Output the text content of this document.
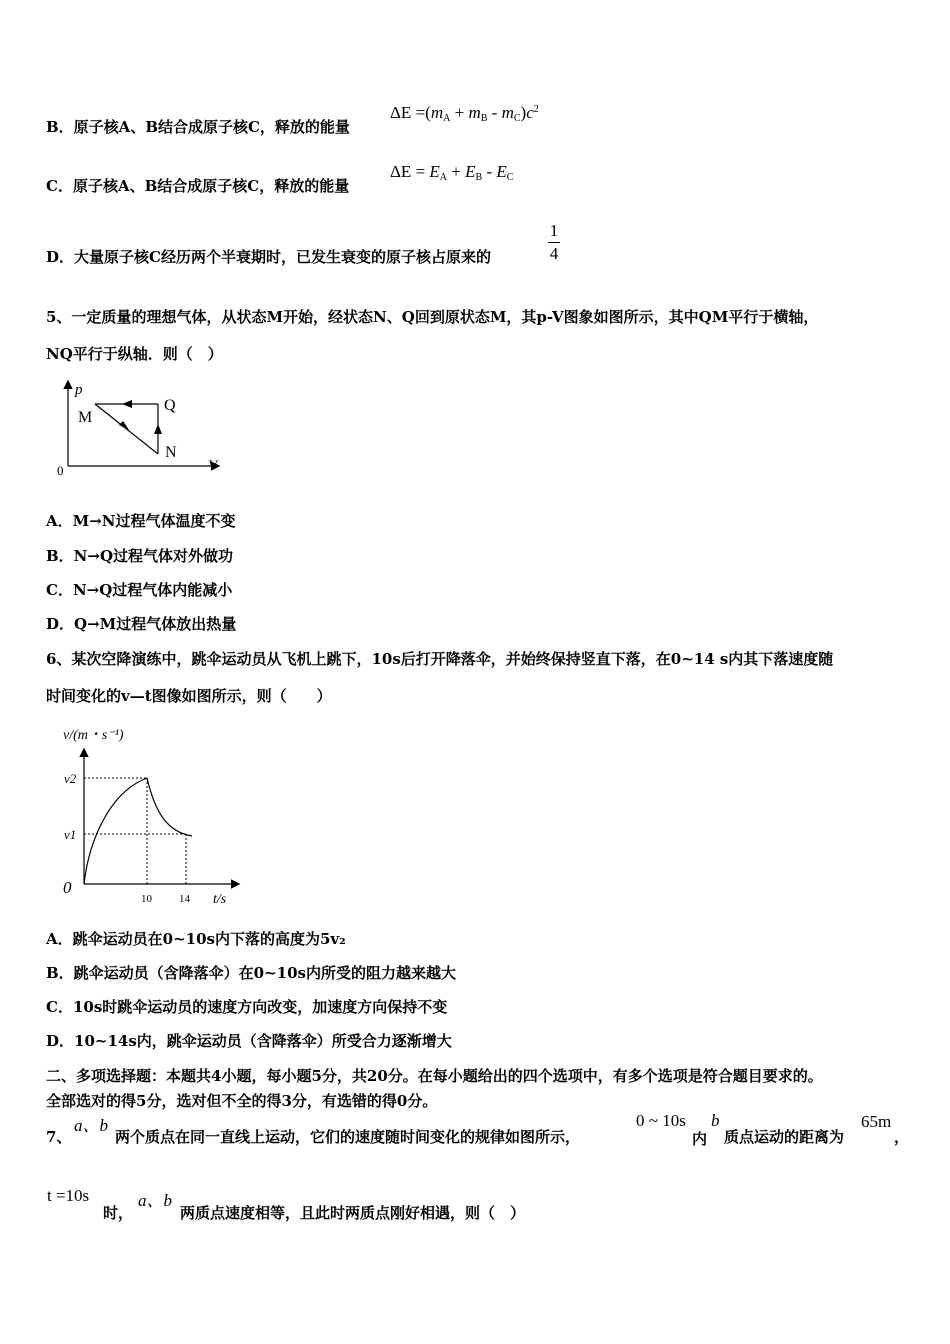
B．原子核A、B结合成原子核C，释放的能量
$\Delta E =(m_A + m_B - m_C)c^2$
C．原子核A、B结合成原子核C，释放的能量
$\Delta E = E_A + E_B - E_C$
D．大量原子核C经历两个半衰期时，已发生衰变的原子核占原来的
1
4
5、一定质量的理想气体，从状态M开始，经状态N、Q回到原状态M，其p-V图象如图所示，其中QM平行于横轴，
NQ平行于纵轴．则（　）
p
V
0
M
N
Q
A．M→N过程气体温度不变
B．N→Q过程气体对外做功
C．N→Q过程气体内能减小
D．Q→M过程气体放出热量
6、某次空降演练中，跳伞运动员从飞机上跳下，10s后打开降落伞，并始终保持竖直下落，在0~14 s内其下落速度随
时间变化的v—t图像如图所示，则（　　）
v/(m・s⁻¹)
0
t/s
v2
v1
10 14
A．跳伞运动员在0~10s内下落的高度为5v₂
B．跳伞运动员（含降落伞）在0~10s内所受的阻力越来越大
C．10s时跳伞运动员的速度方向改变，加速度方向保持不变
D．10~14s内，跳伞运动员（含降落伞）所受合力逐渐增大
二、多项选择题：本题共4小题，每小题5分，共20分。在每小题给出的四个选项中，有多个选项是符合题目要求的。
全部选对的得5分，选对但不全的得3分，有选错的得0分。
7、
a、b
两个质点在同一直线上运动，它们的速度随时间变化的规律如图所示，
0 ~ 10s
内
b
质点运动的距离为
65m
，
t =10s
时，
a、b
两质点速度相等，且此时两质点刚好相遇，则（　）
